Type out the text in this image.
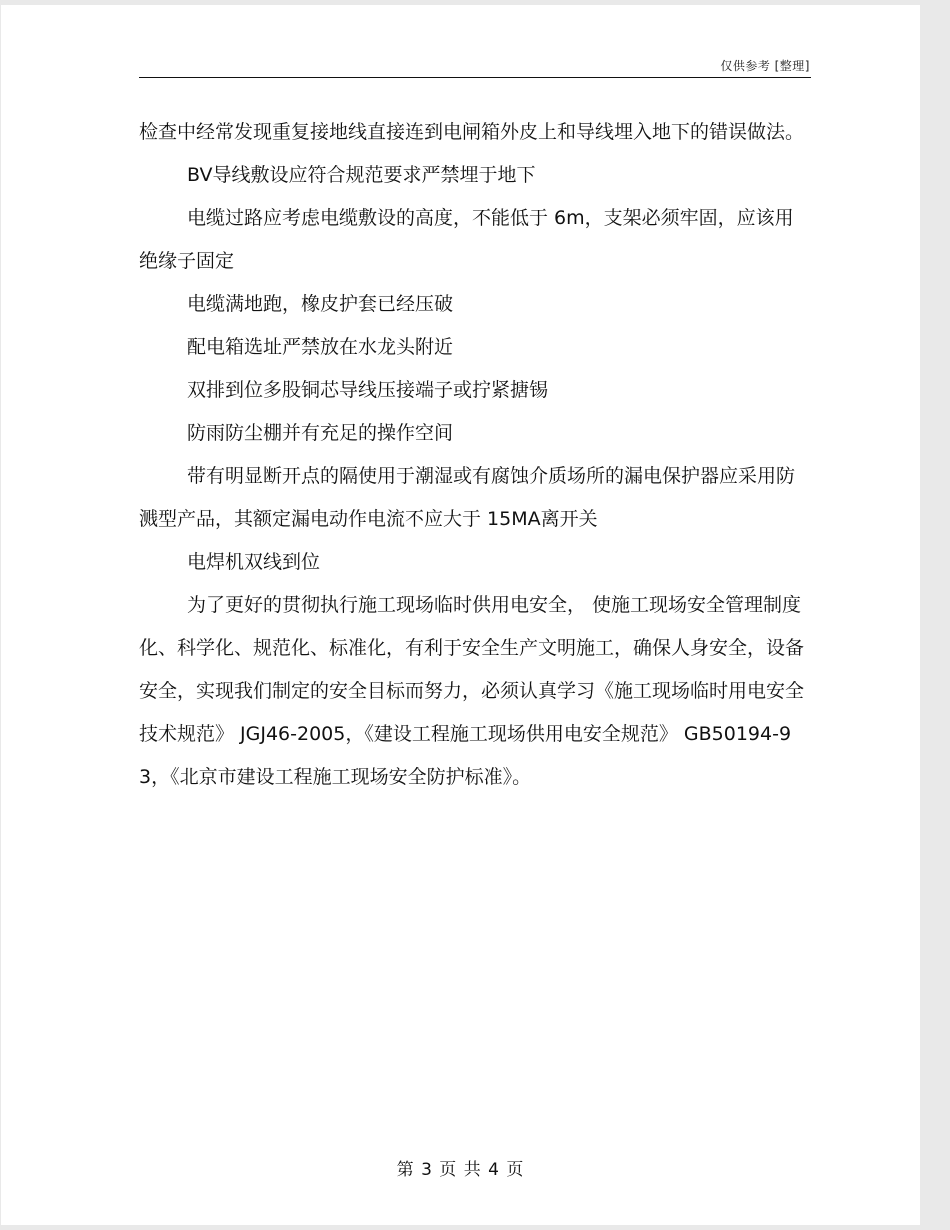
仅供参考 [整理]

检查中经常发现重复接地线直接连到电闸箱外皮上和导线埋入地下的错误做法。

BV导线敷设应符合规范要求严禁埋于地下

电缆过路应考虑电缆敷设的高度，不能低于 6m，支架必须牢固，应该用绝缘子固定

电缆满地跑，橡皮护套已经压破

配电箱选址严禁放在水龙头附近

双排到位多股铜芯导线压接端子或拧紧搪锡

防雨防尘棚并有充足的操作空间

带有明显断开点的隔使用于潮湿或有腐蚀介质场所的漏电保护器应采用防溅型产品，其额定漏电动作电流不应大于 15MA离开关

电焊机双线到位

为了更好的贯彻执行施工现场临时供用电安全， 使施工现场安全管理制度化、科学化、规范化、标准化，有利于安全生产文明施工，确保人身安全，设备安全，实现我们制定的安全目标而努力，必须认真学习《施工现场临时用电安全技术规范》 JGJ46-2005，《建设工程施工现场供用电安全规范》 GB50194-93，《北京市建设工程施工现场安全防护标准》。

第 3 页 共 4 页
